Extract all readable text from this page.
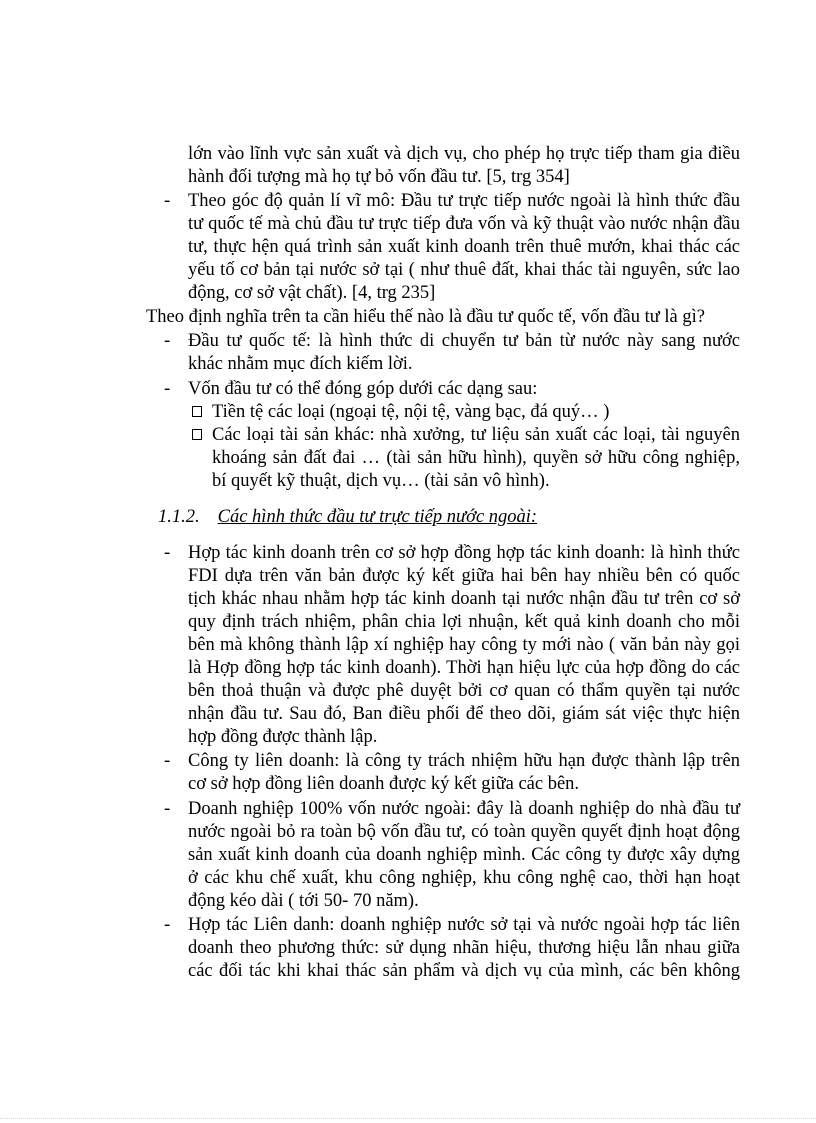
lớn vào lĩnh vực sản xuất và dịch vụ, cho phép họ trực tiếp tham gia điều
hành đối tượng mà họ tự bỏ vốn đầu tư. [5, trg 354]
- Theo góc độ quản lí vĩ mô: Đầu tư trực tiếp nước ngoài là hình thức đầu
tư quốc tế mà chủ đầu tư trực tiếp đưa vốn và kỹ thuật vào nước nhận đầu
tư, thực hện quá trình sản xuất kinh doanh trên thuê mướn, khai thác các
yếu tố cơ bản tại nước sở tại ( như thuê đất, khai thác tài nguyên, sức lao
động, cơ sở vật chất). [4, trg 235]
Theo định nghĩa trên ta cần hiểu thế nào là đầu tư quốc tế, vốn đầu tư là gì?
- Đầu tư quốc tế: là hình thức di chuyển tư bản từ nước này sang nước
khác nhằm mục đích kiếm lời.
- Vốn đầu tư có thể đóng góp dưới các dạng sau:
Tiền tệ các loại (ngoại tệ, nội tệ, vàng bạc, đá quý… )
Các loại tài sản khác: nhà xưởng, tư liệu sản xuất các loại, tài nguyên
khoáng sản đất đai … (tài sản hữu hình), quyền sở hữu công nghiệp,
bí quyết kỹ thuật, dịch vụ… (tài sản vô hình).
1.1.2. Các hình thức đầu tư trực tiếp nước ngoài:
- Hợp tác kinh doanh trên cơ sở hợp đồng hợp tác kinh doanh: là hình thức
FDI dựa trên văn bản được ký kết giữa hai bên hay nhiều bên có quốc
tịch khác nhau nhằm hợp tác kinh doanh tại nước nhận đầu tư trên cơ sở
quy định trách nhiệm, phân chia lợi nhuận, kết quả kinh doanh cho mỗi
bên mà không thành lập xí nghiệp hay công ty mới nào ( văn bản này gọi
là Hợp đồng hợp tác kinh doanh). Thời hạn hiệu lực của hợp đồng do các
bên thoả thuận và được phê duyệt bởi cơ quan có thẩm quyền tại nước
nhận đầu tư. Sau đó, Ban điều phối để theo dõi, giám sát việc thực hiện
hợp đồng được thành lập.
- Công ty liên doanh: là công ty trách nhiệm hữu hạn được thành lập trên
cơ sở hợp đồng liên doanh được ký kết giữa các bên.
- Doanh nghiệp 100% vốn nước ngoài: đây là doanh nghiệp do nhà đầu tư
nước ngoài bỏ ra toàn bộ vốn đầu tư, có toàn quyền quyết định hoạt động
sản xuất kinh doanh của doanh nghiệp mình. Các công ty được xây dựng
ở các khu chế xuất, khu công nghiệp, khu công nghệ cao, thời hạn hoạt
động kéo dài ( tới 50- 70 năm).
- Hợp tác Liên danh: doanh nghiệp nước sở tại và nước ngoài hợp tác liên
doanh theo phương thức: sử dụng nhãn hiệu, thương hiệu lẫn nhau giữa
các đối tác khi khai thác sản phẩm và dịch vụ của mình, các bên không
